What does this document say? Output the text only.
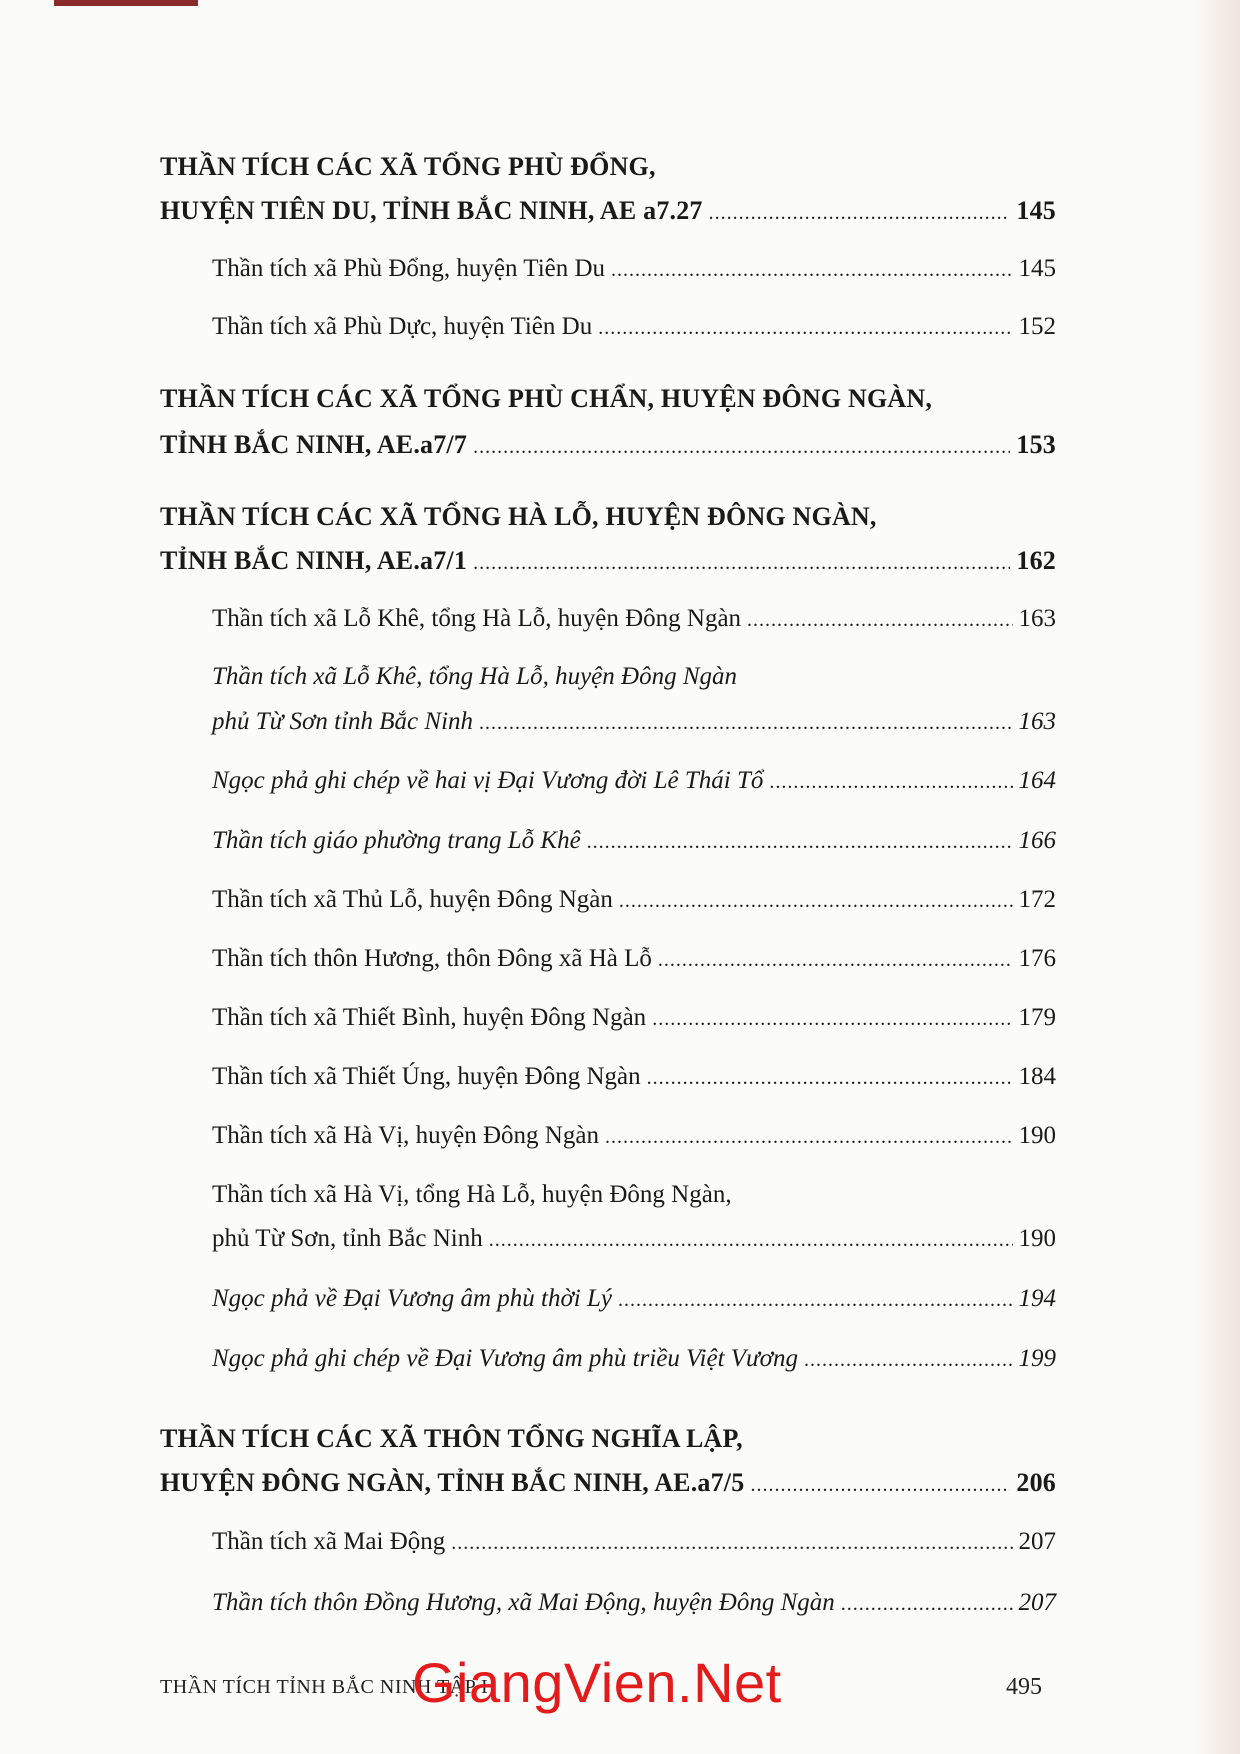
THẦN TÍCH CÁC XÃ TỔNG PHÙ ĐỔNG,
HUYỆN TIÊN DU, TỈNH BẮC NINH, AE a7.27 .....	145
Thần tích xã Phù Đổng, huyện Tiên Du .....	145
Thần tích xã Phù Dực, huyện Tiên Du .....	152
THẦN TÍCH CÁC XÃ TỔNG PHÙ CHẨN, HUYỆN ĐÔNG NGÀN,
TỈNH BẮC NINH, AE.a7/7 .....	153
THẦN TÍCH CÁC XÃ TỔNG HÀ LỖ, HUYỆN ĐÔNG NGÀN,
TỈNH BẮC NINH, AE.a7/1 .....	162
Thần tích xã Lỗ Khê, tổng Hà Lỗ, huyện Đông Ngàn .....	163
Thần tích xã Lỗ Khê, tổng Hà Lỗ, huyện Đông Ngàn
phủ Từ Sơn tỉnh Bắc Ninh .....	163
Ngọc phả ghi chép về hai vị Đại Vương đời Lê Thái Tổ .....	164
Thần tích giáo phường trang Lỗ Khê .....	166
Thần tích xã Thủ Lỗ, huyện Đông Ngàn .....	172
Thần tích thôn Hương, thôn Đông xã Hà Lỗ .....	176
Thần tích xã Thiết Bình, huyện Đông Ngàn .....	179
Thần tích xã Thiết Úng, huyện Đông Ngàn .....	184
Thần tích xã Hà Vị, huyện Đông Ngàn .....	190
Thần tích xã Hà Vị, tổng Hà Lỗ, huyện Đông Ngàn,
phủ Từ Sơn, tỉnh Bắc Ninh .....	190
Ngọc phả về Đại Vương âm phù thời Lý .....	194
Ngọc phả ghi chép về Đại Vương âm phù triều Việt Vương .....	199
THẦN TÍCH CÁC XÃ THÔN TỔNG NGHĨA LẬP,
HUYỆN ĐÔNG NGÀN, TỈNH BẮC NINH, AE.a7/5 .....	206
Thần tích xã Mai Động .....	207
Thần tích thôn Đồng Hương, xã Mai Động, huyện Đông Ngàn .....	207
THẦN TÍCH TỈNH BẮC NINH TẬP I
GiangVien.Net	495
